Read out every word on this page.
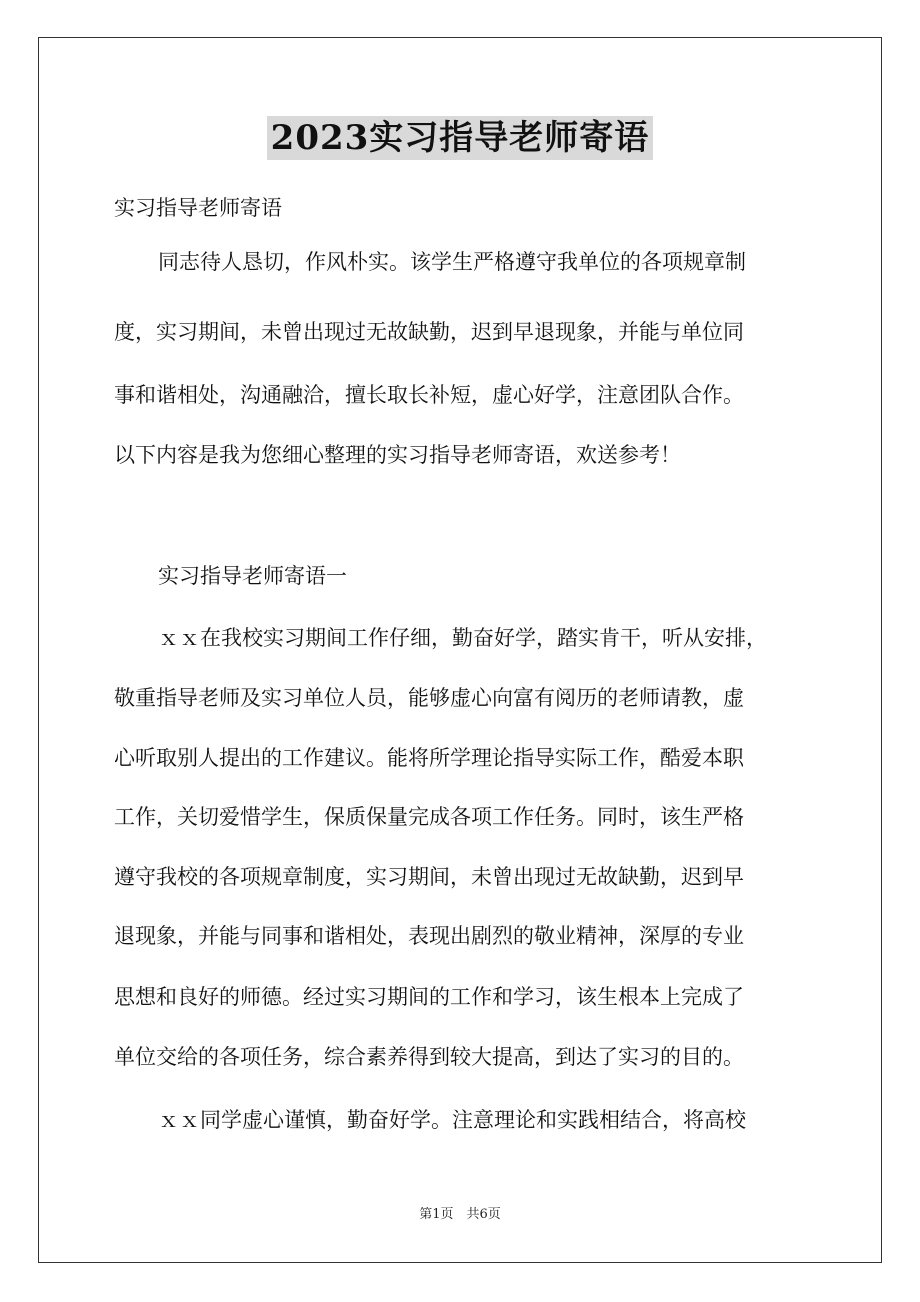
2023实习指导老师寄语
实习指导老师寄语
同志待人恳切，作风朴实。该学生严格遵守我单位的各项规章制
度，实习期间，未曾出现过无故缺勤，迟到早退现象，并能与单位同
事和谐相处，沟通融洽，擅长取长补短，虚心好学，注意团队合作。
以下内容是我为您细心整理的实习指导老师寄语，欢送参考！
实习指导老师寄语一
ｘｘ在我校实习期间工作仔细，勤奋好学，踏实肯干，听从安排，
敬重指导老师及实习单位人员，能够虚心向富有阅历的老师请教，虚
心听取别人提出的工作建议。能将所学理论指导实际工作，酷爱本职
工作，关切爱惜学生，保质保量完成各项工作任务。同时，该生严格
遵守我校的各项规章制度，实习期间，未曾出现过无故缺勤，迟到早
退现象，并能与同事和谐相处，表现出剧烈的敬业精神，深厚的专业
思想和良好的师德。经过实习期间的工作和学习，该生根本上完成了
单位交给的各项任务，综合素养得到较大提高，到达了实习的目的。
ｘｘ同学虚心谨慎，勤奋好学。注意理论和实践相结合，将高校
第1页　共6页
